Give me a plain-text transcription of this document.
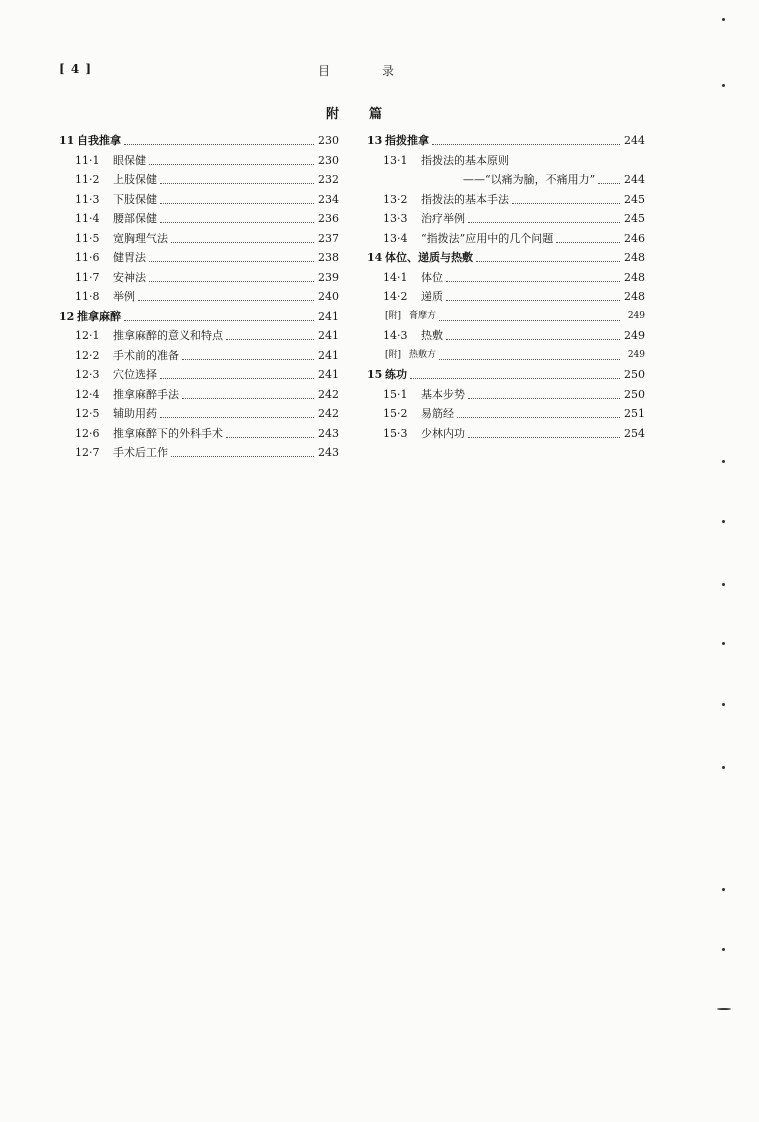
[ 4 ]	目录
附篇
11 自我推拿	230
11·1	眼保健	230
11·2	上肢保健	232
11·3	下肢保健	234
11·4	腰部保健	236
11·5	宽胸理气法	237
11·6	健胃法	238
11·7	安神法	239
11·8	举例	240
12 推拿麻醉	241
12·1	推拿麻醉的意义和特点	241
12·2	手术前的准备	241
12·3	穴位选择	241
12·4	推拿麻醉手法	242
12·5	辅助用药	242
12·6	推拿麻醉下的外科手术	243
12·7	手术后工作	243
13 指拨推拿	244
13·1	指拨法的基本原则
——“以痛为腧，不痛用力”	244
13·2	指拨法的基本手法	245
13·3	治疗举例	245
13·4	“指拨法”应用中的几个问题	246
14 体位、递质与热敷	248
14·1	体位	248
14·2	递质	248
[附] 膏摩方	249
14·3	热敷	249
[附] 热敷方	249
15 练功	250
15·1	基本步势	250
15·2	易筋经	251
15·3	少林内功	254
